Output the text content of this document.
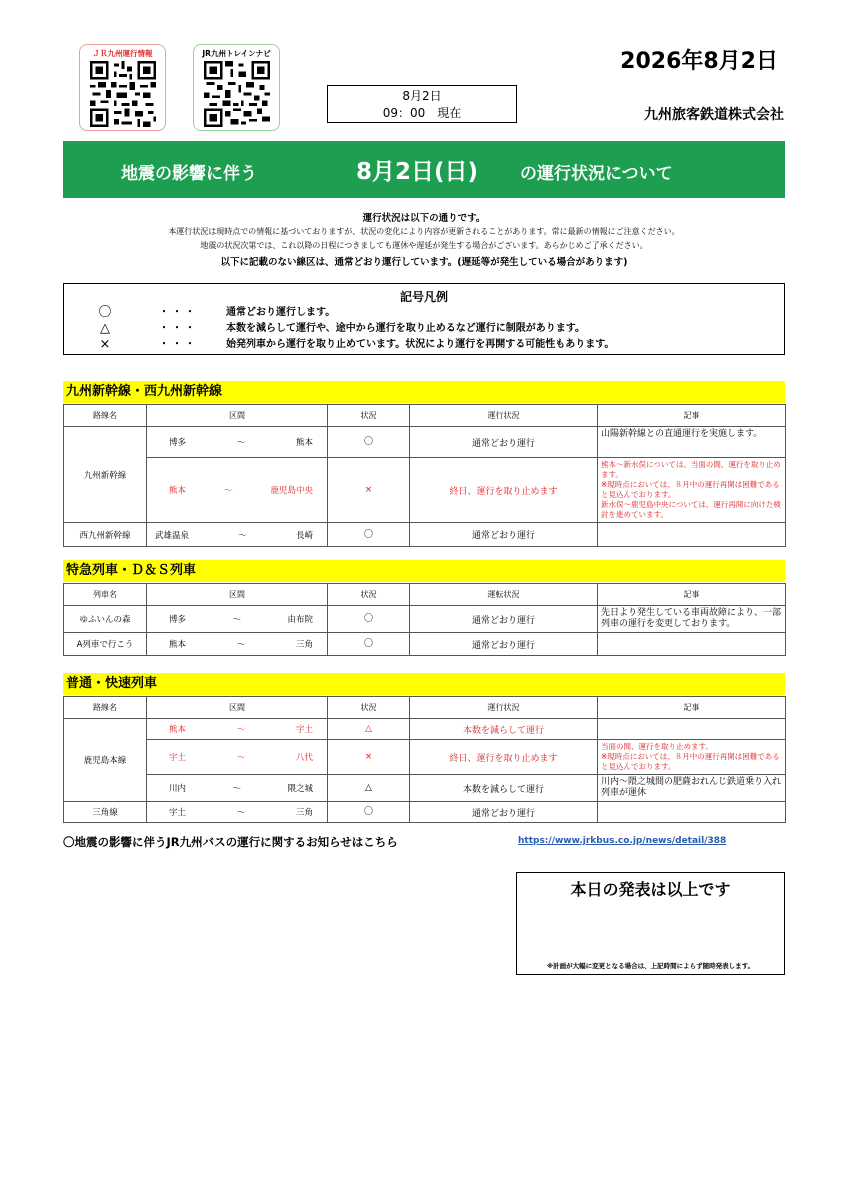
ＪＲ九州運行情報	JR九州トレインナビ
8月2日
09：00　現在
2026年8月2日
九州旅客鉄道株式会社
地震の影響に伴う	8月2日(日) の運行状況について
運行状況は以下の通りです。
本運行状況は現時点での情報に基づいておりますが、状況の変化により内容が更新されることがあります。常に最新の情報にご注意ください。
地震の状況次第では、これ以降の日程につきましても運休や遅延が発生する場合がございます。あらかじめご了承ください。
以下に記載のない線区は、通常どおり運行しています。(遅延等が発生している場合があります)
記号凡例
〇	・・・	通常どおり運行します。
△	・・・	本数を減らして運行や、途中から運行を取り止めるなど運行に制限があります。
×	・・・	始発列車から運行を取り止めています。状況により運行を再開する可能性もあります。
九州新幹線・西九州新幹線
路線名	区間	状況	運行状況	記事
九州新幹線	博多 ～ 熊本	〇	通常どおり運行	山陽新幹線との直通運行を実施します。

	熊本 ～ 鹿児島中央	×	終日、運行を取り止めます	熊本～新水俣については、当面の間、運行を取り止めます。
※現時点においては、８月中の運行再開は困難であると見込んでおります。
新水俣～鹿児島中央については、運行再開に向けた検討を進めています。
西九州新幹線	武雄温泉 ～ 長崎	〇	通常どおり運行	
特急列車・Ｄ＆Ｓ列車
列車名	区間	状況	運転状況	記事
ゆふいんの森	博多 ～ 由布院	〇	通常どおり運行	先日より発生している車両故障により、一部列車の運行を変更しております。
A列車で行こう	熊本 ～ 三角	〇	通常どおり運行	
普通・快速列車
路線名	区間	状況	運行状況	記事
鹿児島本線	熊本 ～ 宇土	△	本数を減らして運行	

	宇土 ～ 八代	×	終日、運行を取り止めます	当面の間、運行を取り止めます。
※現時点においては、８月中の運行再開は困難であると見込んでおります。

	川内 ～ 隈之城	△	本数を減らして運行	川内～隈之城間の肥薩おれんじ鉄道乗り入れ列車が運休
三角線	宇土 ～ 三角	〇	通常どおり運行	
〇地震の影響に伴うJR九州バスの運行に関するお知らせはこちら	https://www.jrkbus.co.jp/news/detail/388
本日の発表は以上です
※計画が大幅に変更となる場合は、上記時間によらず随時発表します。
